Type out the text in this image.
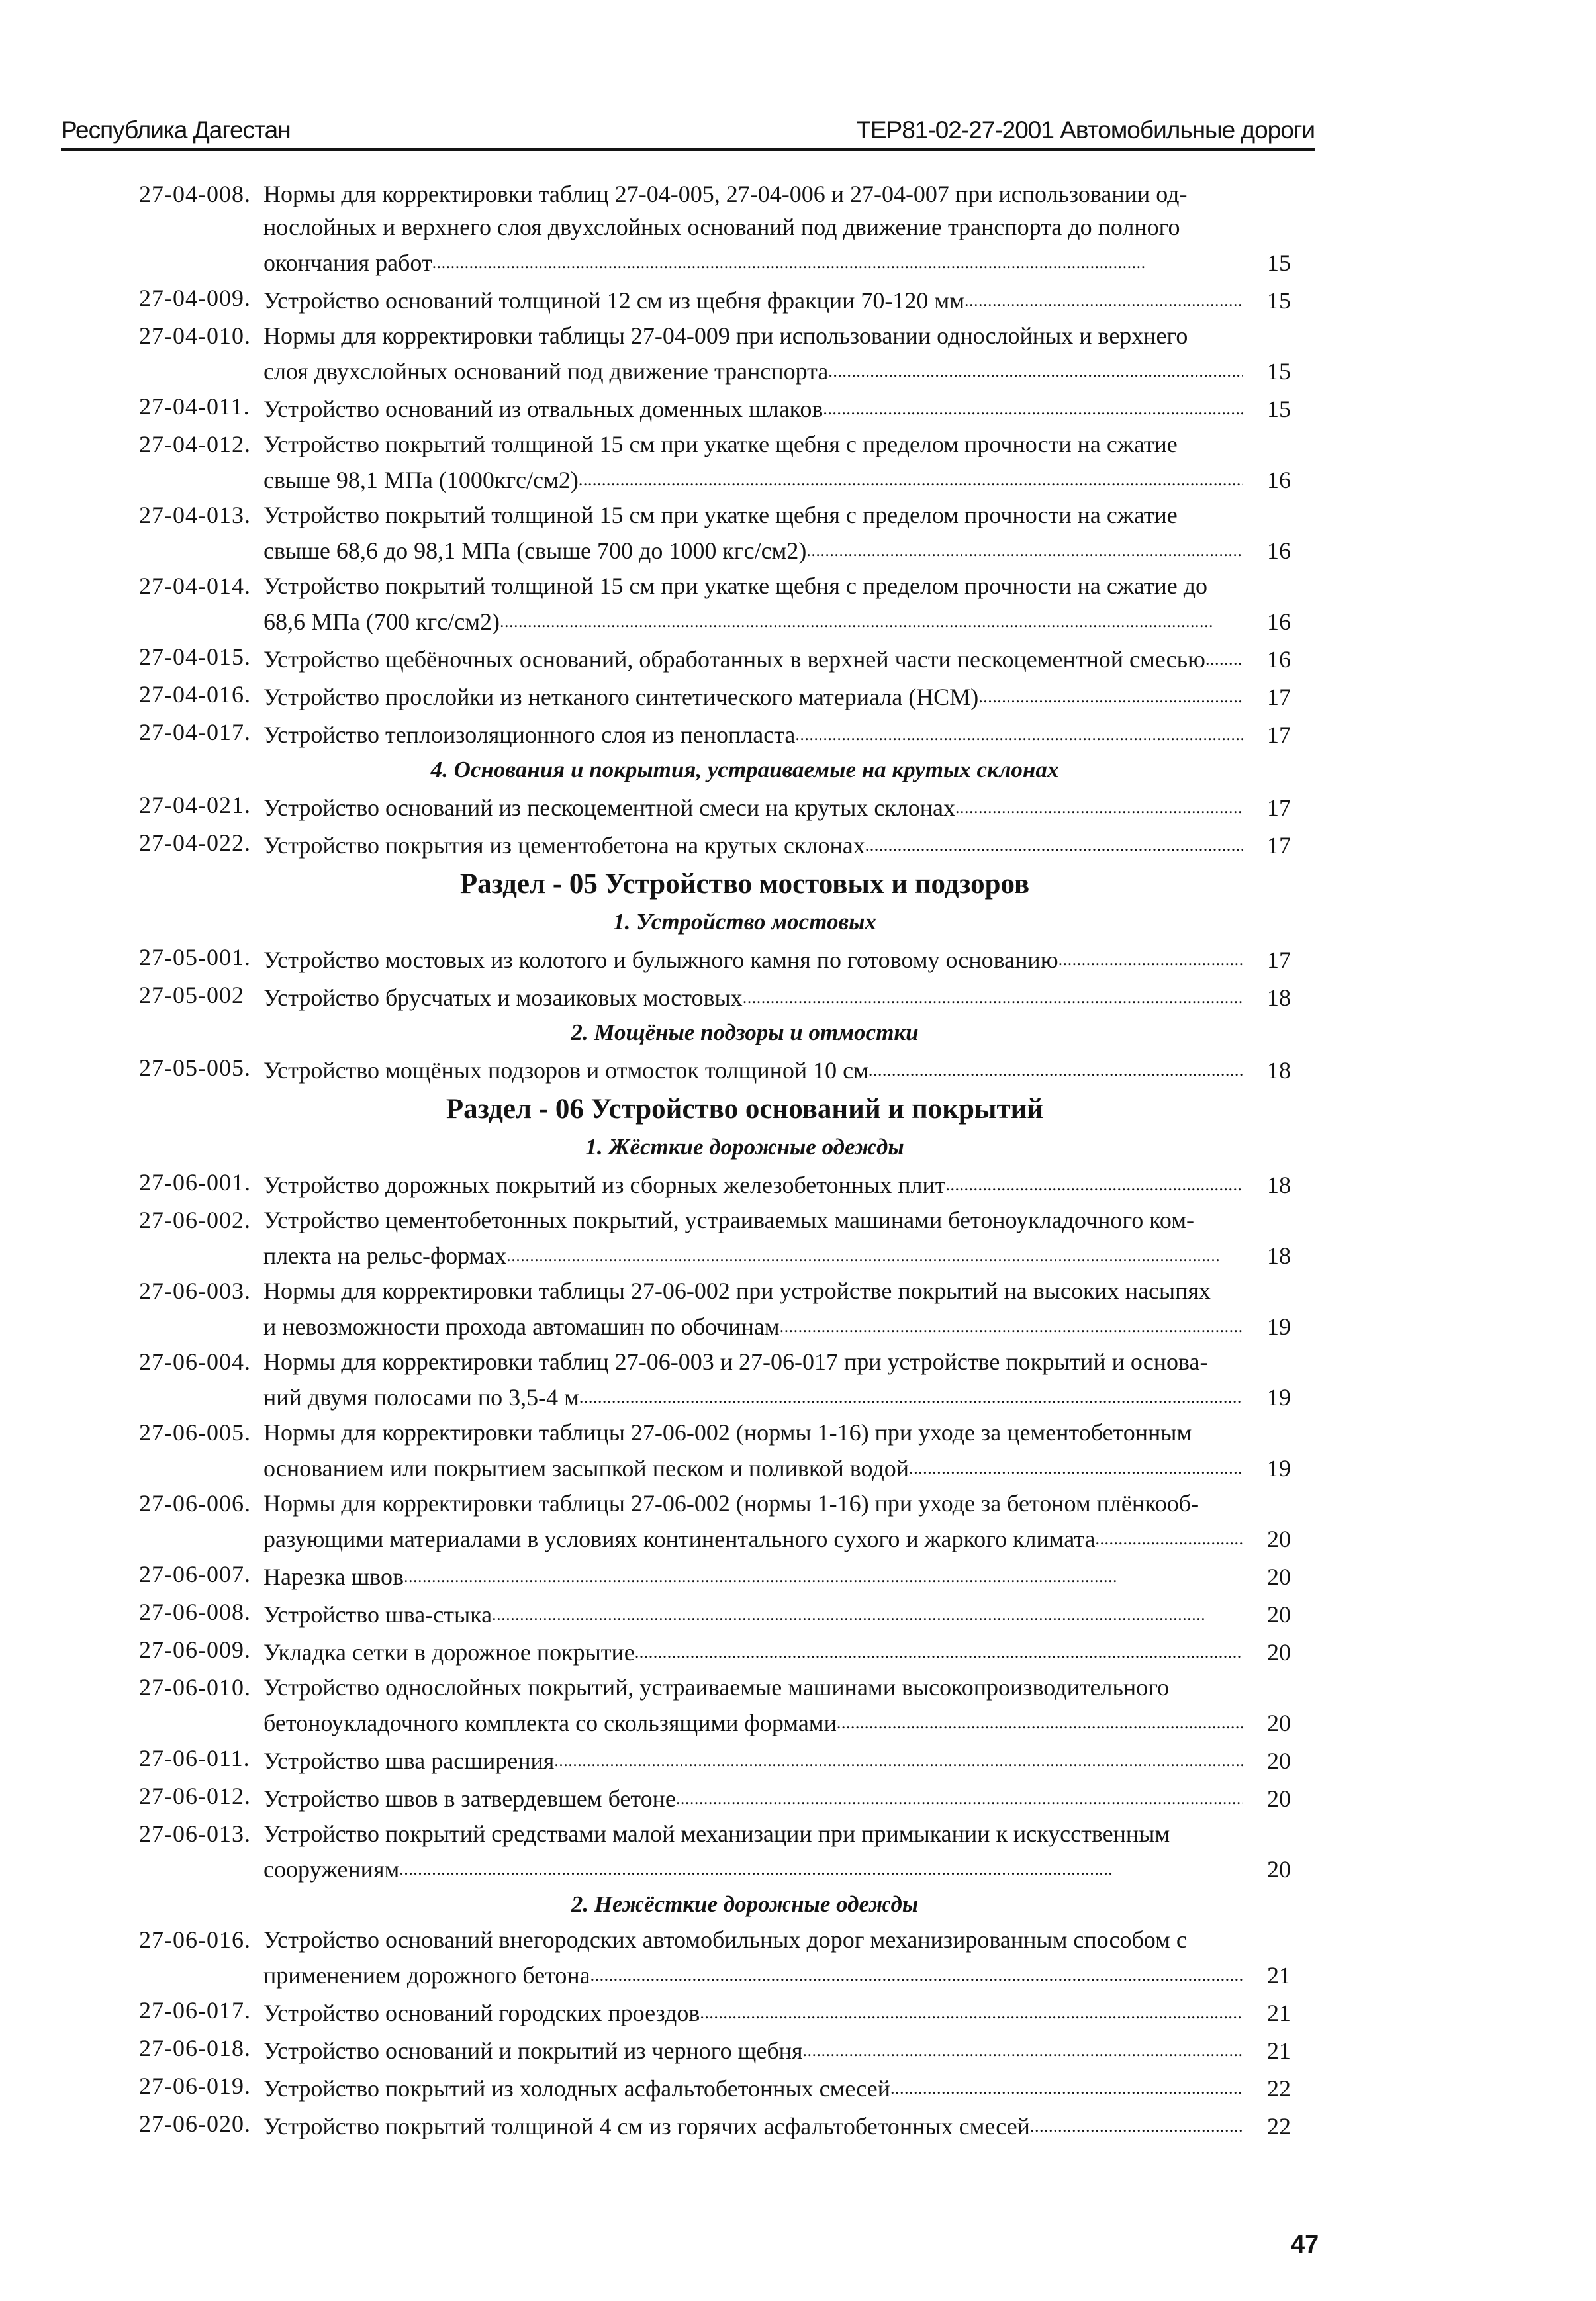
Республика Дагестан	ТЕР81-02-27-2001 Автомобильные дороги
27-04-008. Нормы для корректировки таблиц 27-04-005, 27-04-006 и 27-04-007 при использовании од-
нослойных и верхнего слоя двухслойных оснований под движение транспорта до полного
окончания работ . . .	15
27-04-009. Устройство оснований толщиной 12 см из щебня фракции 70-120 мм . . .	15
27-04-010. Нормы для корректировки таблицы 27-04-009 при использовании однослойных и верхнего
слоя двухслойных оснований под движение транспорта . . .	15
27-04-011. Устройство оснований из отвальных доменных шлаков . . .	15
27-04-012. Устройство покрытий толщиной 15 см при укатке щебня с пределом прочности на сжатие
свыше 98,1 МПа (1000кгс/см2) . . .	16
27-04-013. Устройство покрытий толщиной 15 см при укатке щебня с пределом прочности на сжатие
свыше 68,6 до 98,1 МПа (свыше 700 до 1000 кгс/см2) . . .	16
27-04-014. Устройство покрытий толщиной 15 см при укатке щебня с пределом прочности на сжатие до
68,6 МПа (700 кгс/см2) . . .	16
27-04-015. Устройство щебёночных оснований, обработанных в верхней части пескоцементной смесью . . .	16
27-04-016. Устройство прослойки из нетканого синтетического материала (НСМ) . . .	17
27-04-017. Устройство теплоизоляционного слоя из пенопласта . . .	17
4. Основания и покрытия, устраиваемые на крутых склонах
27-04-021. Устройство оснований из пескоцементной смеси на крутых склонах . . .	17
27-04-022. Устройство покрытия из цементобетона на крутых склонах . . .	17
Раздел - 05 Устройство мостовых и подзоров
1. Устройство мостовых
27-05-001. Устройство мостовых из колотого и булыжного камня по готовому основанию . . .	17
27-05-002 Устройство брусчатых и мозаиковых мостовых . . .	18
2. Мощёные подзоры и отмостки
27-05-005. Устройство мощёных подзоров и отмосток толщиной 10 см . . .	18
Раздел - 06 Устройство оснований и покрытий
1. Жёсткие дорожные одежды
27-06-001. Устройство дорожных покрытий из сборных железобетонных плит . . .	18
27-06-002. Устройство цементобетонных покрытий, устраиваемых машинами бетоноукладочного ком-
плекта на рельс-формах . . .	18
27-06-003. Нормы для корректировки таблицы 27-06-002 при устройстве покрытий на высоких насыпях
и невозможности прохода автомашин по обочинам . . .	19
27-06-004. Нормы для корректировки таблиц 27-06-003 и 27-06-017 при устройстве покрытий и основа-
ний двумя полосами по 3,5-4 м . . .	19
27-06-005. Нормы для корректировки таблицы 27-06-002 (нормы 1-16) при уходе за цементобетонным
основанием или покрытием засыпкой песком и поливкой водой . . .	19
27-06-006. Нормы для корректировки таблицы 27-06-002 (нормы 1-16) при уходе за бетоном плёнкооб-
разующими материалами в условиях континентального сухого и жаркого климата . . .	20
27-06-007. Нарезка швов . . .	20
27-06-008. Устройство шва-стыка . . .	20
27-06-009. Укладка сетки в дорожное покрытие . . .	20
27-06-010. Устройство однослойных покрытий, устраиваемые машинами высокопроизводительного
бетоноукладочного комплекта со скользящими формами . . .	20
27-06-011. Устройство шва расширения . . .	20
27-06-012. Устройство швов в затвердевшем бетоне . . .	20
27-06-013. Устройство покрытий средствами малой механизации при примыкании к искусственным
сооружениям . . .	20
2. Нежёсткие дорожные одежды
27-06-016. Устройство оснований внегородских автомобильных дорог механизированным способом с
применением дорожного бетона . . .	21
27-06-017. Устройство оснований городских проездов . . .	21
27-06-018. Устройство оснований и покрытий из черного щебня . . .	21
27-06-019. Устройство покрытий из холодных асфальтобетонных смесей . . .	22
27-06-020. Устройство покрытий толщиной 4 см из горячих асфальтобетонных смесей . . .	22
47
